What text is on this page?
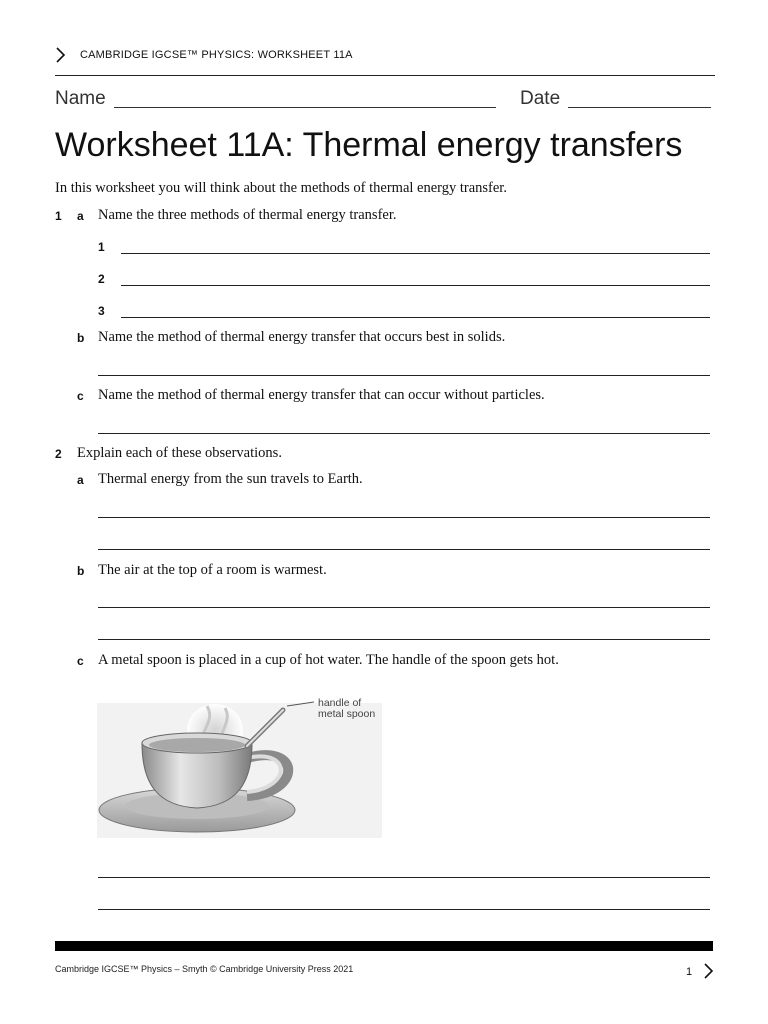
CAMBRIDGE IGCSE™ PHYSICS: WORKSHEET 11A
Name	Date
Worksheet 11A: Thermal energy transfers
In this worksheet you will think about the methods of thermal energy transfer.
1 a Name the three methods of thermal energy transfer.
1
2
3
b Name the method of thermal energy transfer that occurs best in solids.
c Name the method of thermal energy transfer that can occur without particles.
2 Explain each of these observations.
a Thermal energy from the sun travels to Earth.
b The air at the top of a room is warmest.
c A metal spoon is placed in a cup of hot water. The handle of the spoon gets hot.
handle of
metal spoon
Cambridge IGCSE™ Physics – Smyth © Cambridge University Press 2021	1
